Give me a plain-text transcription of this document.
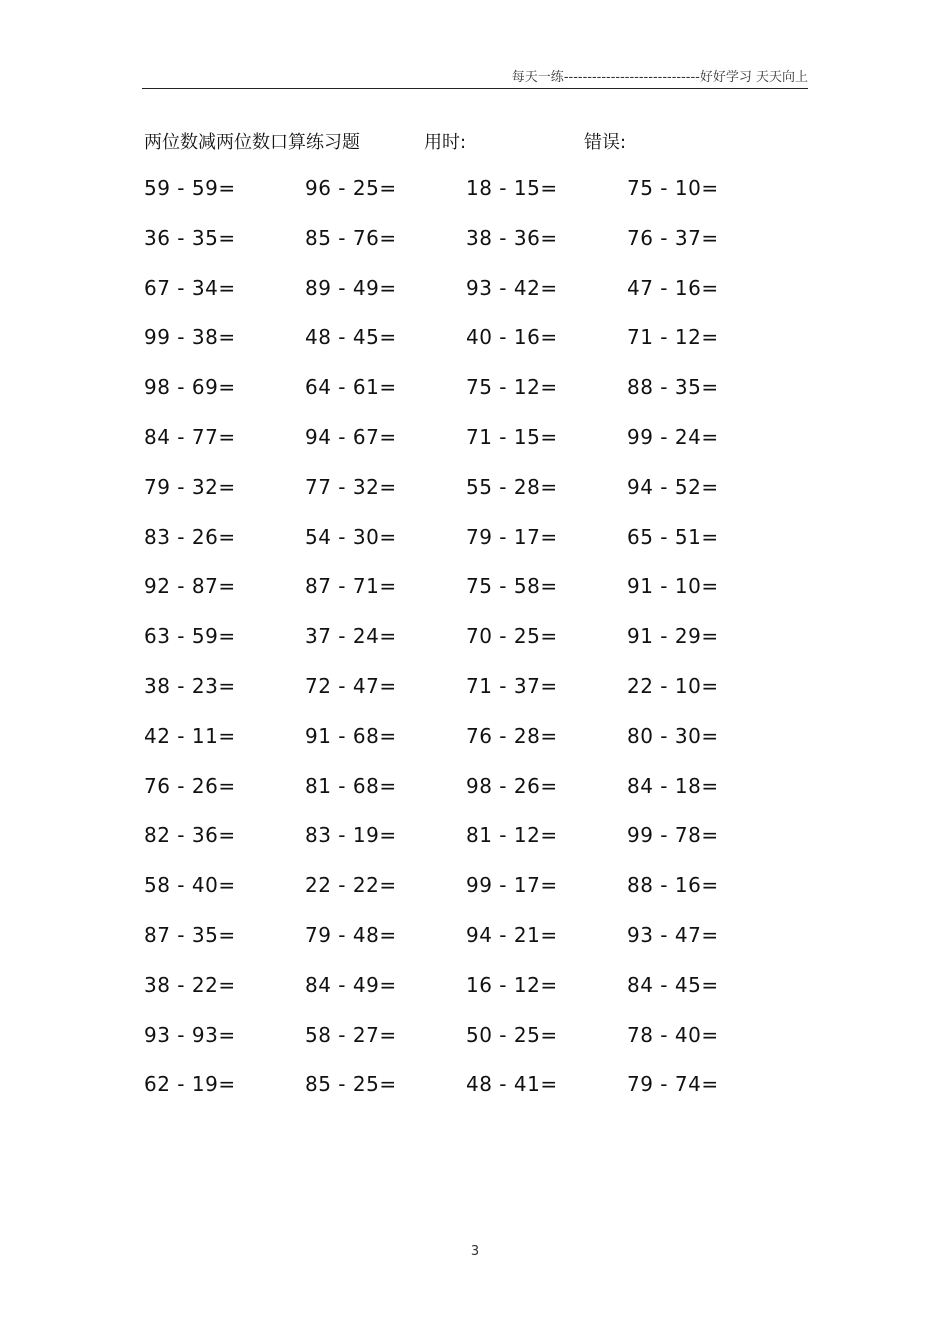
每天一练-----------------------------好好学习 天天向上
两位数减两位数口算练习题	用时:	错误:
59 - 59=	96 - 25=	18 - 15=	75 - 10=
36 - 35=	85 - 76=	38 - 36=	76 - 37=
67 - 34=	89 - 49=	93 - 42=	47 - 16=
99 - 38=	48 - 45=	40 - 16=	71 - 12=
98 - 69=	64 - 61=	75 - 12=	88 - 35=
84 - 77=	94 - 67=	71 - 15=	99 - 24=
79 - 32=	77 - 32=	55 - 28=	94 - 52=
83 - 26=	54 - 30=	79 - 17=	65 - 51=
92 - 87=	87 - 71=	75 - 58=	91 - 10=
63 - 59=	37 - 24=	70 - 25=	91 - 29=
38 - 23=	72 - 47=	71 - 37=	22 - 10=
42 - 11=	91 - 68=	76 - 28=	80 - 30=
76 - 26=	81 - 68=	98 - 26=	84 - 18=
82 - 36=	83 - 19=	81 - 12=	99 - 78=
58 - 40=	22 - 22=	99 - 17=	88 - 16=
87 - 35=	79 - 48=	94 - 21=	93 - 47=
38 - 22=	84 - 49=	16 - 12=	84 - 45=
93 - 93=	58 - 27=	50 - 25=	78 - 40=
62 - 19=	85 - 25=	48 - 41=	79 - 74=
3
